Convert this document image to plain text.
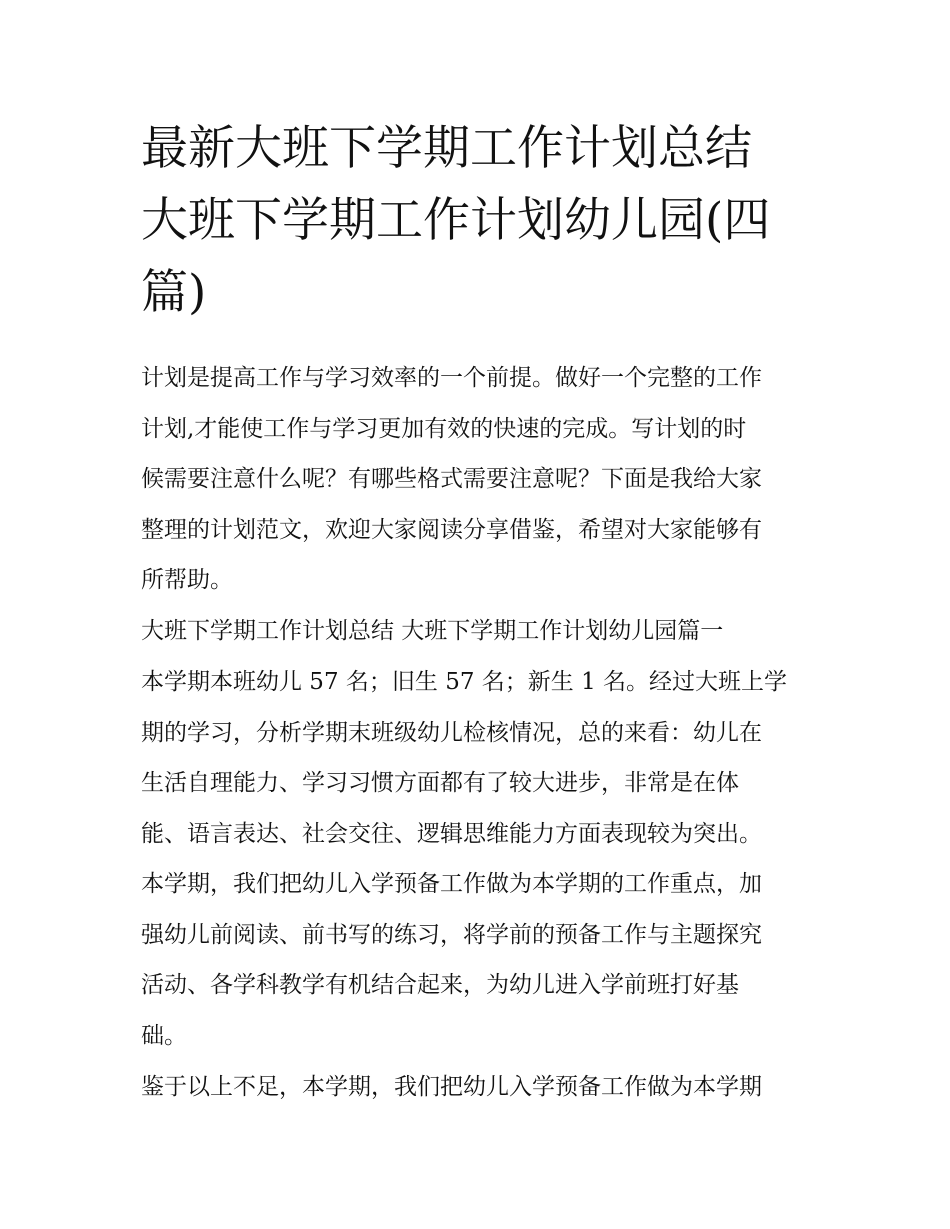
最新大班下学期工作计划总结
大班下学期工作计划幼儿园(四
篇)
计划是提高工作与学习效率的一个前提。做好一个完整的工作
计划,才能使工作与学习更加有效的快速的完成。写计划的时
候需要注意什么呢？有哪些格式需要注意呢？下面是我给大家
整理的计划范文，欢迎大家阅读分享借鉴，希望对大家能够有
所帮助。
大班下学期工作计划总结 大班下学期工作计划幼儿园篇一
本学期本班幼儿 57 名；旧生 57 名；新生 1 名。经过大班上学
期的学习，分析学期末班级幼儿检核情况，总的来看：幼儿在
生活自理能力、学习习惯方面都有了较大进步，非常是在体
能、语言表达、社会交往、逻辑思维能力方面表现较为突出。
本学期，我们把幼儿入学预备工作做为本学期的工作重点，加
强幼儿前阅读、前书写的练习，将学前的预备工作与主题探究
活动、各学科教学有机结合起来，为幼儿进入学前班打好基
础。
鉴于以上不足，本学期，我们把幼儿入学预备工作做为本学期
